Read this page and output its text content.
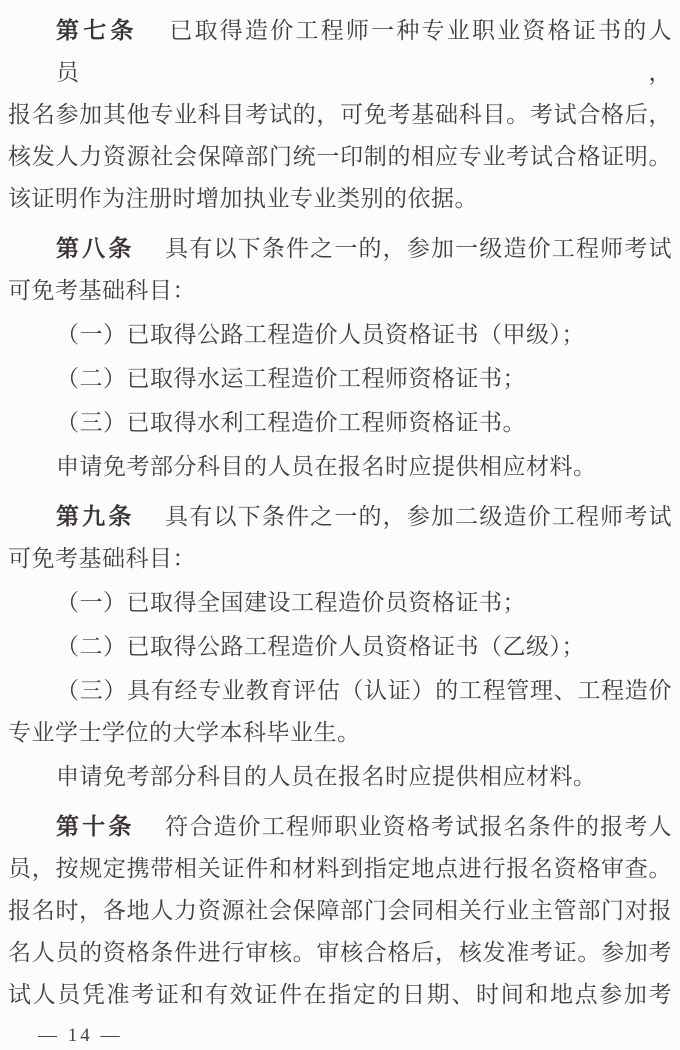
第七条 已取得造价工程师一种专业职业资格证书的人员，
报名参加其他专业科目考试的，可免考基础科目。考试合格后，
核发人力资源社会保障部门统一印制的相应专业考试合格证明。
该证明作为注册时增加执业专业类别的依据。
第八条 具有以下条件之一的，参加一级造价工程师考试
可免考基础科目：
（一）已取得公路工程造价人员资格证书（甲级）；
（二）已取得水运工程造价工程师资格证书；
（三）已取得水利工程造价工程师资格证书。
申请免考部分科目的人员在报名时应提供相应材料。
第九条 具有以下条件之一的，参加二级造价工程师考试
可免考基础科目：
（一）已取得全国建设工程造价员资格证书；
（二）已取得公路工程造价人员资格证书（乙级）；
（三）具有经专业教育评估（认证）的工程管理、工程造价
专业学士学位的大学本科毕业生。
申请免考部分科目的人员在报名时应提供相应材料。
第十条 符合造价工程师职业资格考试报名条件的报考人
员，按规定携带相关证件和材料到指定地点进行报名资格审查。
报名时，各地人力资源社会保障部门会同相关行业主管部门对报
名人员的资格条件进行审核。审核合格后，核发准考证。参加考
试人员凭准考证和有效证件在指定的日期、时间和地点参加考
— 14 —
